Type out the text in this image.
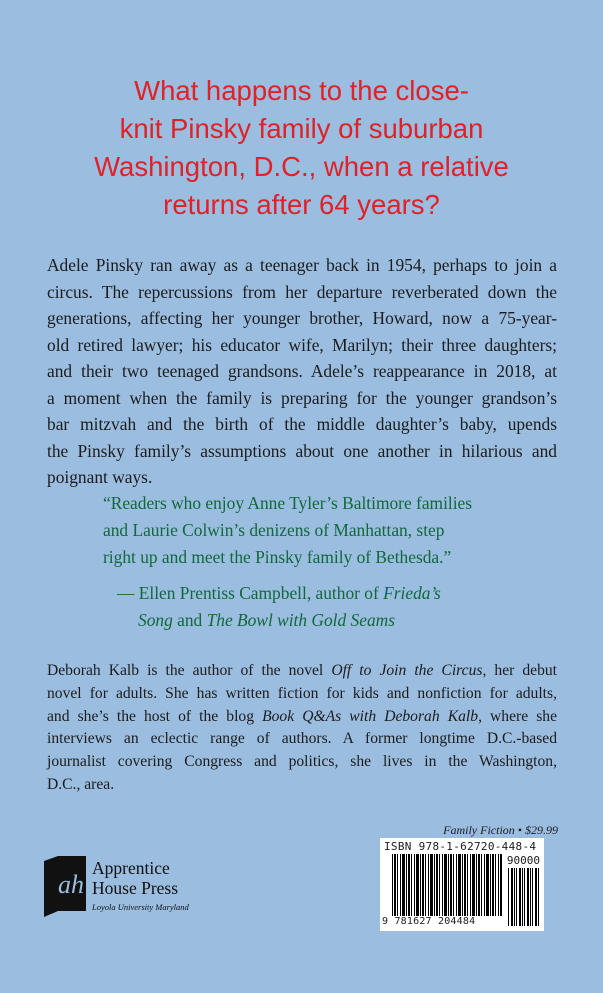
What happens to the close-
knit Pinsky family of suburban
Washington, D.C., when a relative
returns after 64 years?
Adele Pinsky ran away as a teenager back in 1954, perhaps to join a
circus. The repercussions from her departure reverberated down the
generations, affecting her younger brother, Howard, now a 75-year-
old retired lawyer; his educator wife, Marilyn; their three daughters;
and their two teenaged grandsons. Adele’s reappearance in 2018, at
a moment when the family is preparing for the younger grandson’s
bar mitzvah and the birth of the middle daughter’s baby, upends
the Pinsky family’s assumptions about one another in hilarious and
poignant ways.
“Readers who enjoy Anne Tyler’s Baltimore families
and Laurie Colwin’s denizens of Manhattan, step
right up and meet the Pinsky family of Bethesda.”
— Ellen Prentiss Campbell, author of Frieda’s
Song and The Bowl with Gold Seams
Deborah Kalb is the author of the novel Off to Join the Circus, her debut
novel for adults. She has written fiction for kids and nonfiction for adults,
and she’s the host of the blog Book Q&As with Deborah Kalb, where she
interviews an eclectic range of authors. A former longtime D.C.-based
journalist covering Congress and politics, she lives in the Washington,
D.C., area.
Family Fiction • $29.99
ISBN 978-1-62720-448-4
90000
9 781627 204484
ah
Apprentice
House Press
Loyola University Maryland
